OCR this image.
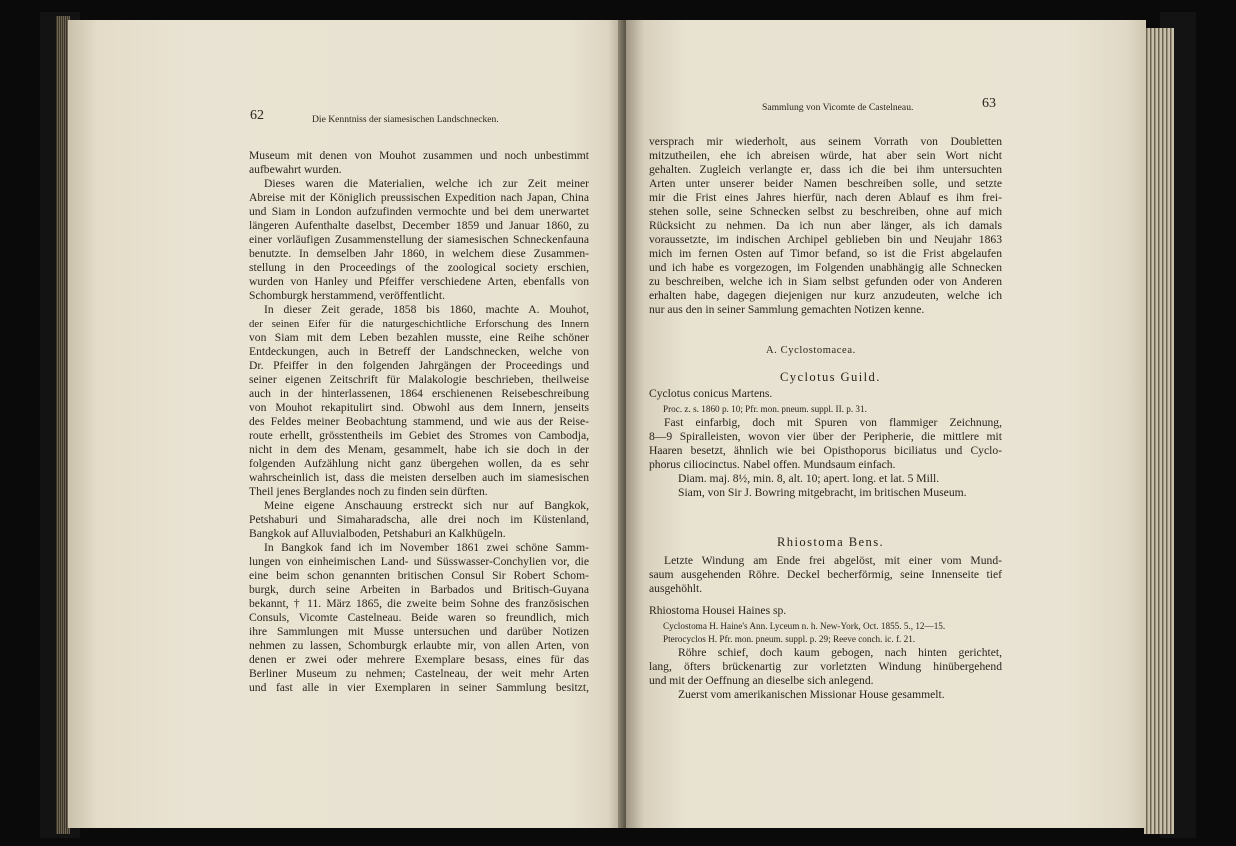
62	Die Kenntniss der siamesischen Landschnecken.
Museum mit denen von Mouhot zusammen und noch unbestimmt
aufbewahrt wurden.
Dieses waren die Materialien, welche ich zur Zeit meiner
Abreise mit der Königlich preussischen Expedition nach Japan, China
und Siam in London aufzufinden vermochte und bei dem unerwartet
längeren Aufenthalte daselbst, December 1859 und Januar 1860, zu
einer vorläufigen Zusammenstellung der siamesischen Schneckenfauna
benutzte. In demselben Jahr 1860, in welchem diese Zusammen-
stellung in den Proceedings of the zoological society erschien,
wurden von Hanley und Pfeiffer verschiedene Arten, ebenfalls von
Schomburgk herstammend, veröffentlicht.
In dieser Zeit gerade, 1858 bis 1860, machte A. Mouhot,
der seinen Eifer für die naturgeschichtliche Erforschung des Innern
von Siam mit dem Leben bezahlen musste, eine Reihe schöner
Entdeckungen, auch in Betreff der Landschnecken, welche von
Dr. Pfeiffer in den folgenden Jahrgängen der Proceedings und
seiner eigenen Zeitschrift für Malakologie beschrieben, theilweise
auch in der hinterlassenen, 1864 erschienenen Reisebeschreibung
von Mouhot rekapitulirt sind. Obwohl aus dem Innern, jenseits
des Feldes meiner Beobachtung stammend, und wie aus der Reise-
route erhellt, grösstentheils im Gebiet des Stromes von Cambodja,
nicht in dem des Menam, gesammelt, habe ich sie doch in der
folgenden Aufzählung nicht ganz übergehen wollen, da es sehr
wahrscheinlich ist, dass die meisten derselben auch im siamesischen
Theil jenes Berglandes noch zu finden sein dürften.
Meine eigene Anschauung erstreckt sich nur auf Bangkok,
Petshaburi und Simaharadscha, alle drei noch im Küstenland,
Bangkok auf Alluvialboden, Petshaburi an Kalkhügeln.
In Bangkok fand ich im November 1861 zwei schöne Samm-
lungen von einheimischen Land- und Süsswasser-Conchylien vor, die
eine beim schon genannten britischen Consul Sir Robert Schom-
burgk, durch seine Arbeiten in Barbados und Britisch-Guyana
bekannt, † 11. März 1865, die zweite beim Sohne des französischen
Consuls, Vicomte Castelneau. Beide waren so freundlich, mich
ihre Sammlungen mit Musse untersuchen und darüber Notizen
nehmen zu lassen, Schomburgk erlaubte mir, von allen Arten, von
denen er zwei oder mehrere Exemplare besass, eines für das
Berliner Museum zu nehmen; Castelneau, der weit mehr Arten
und fast alle in vier Exemplaren in seiner Sammlung besitzt,
Sammlung von Vicomte de Castelneau.	63
versprach mir wiederholt, aus seinem Vorrath von Doubletten
mitzutheilen, ehe ich abreisen würde, hat aber sein Wort nicht
gehalten. Zugleich verlangte er, dass ich die bei ihm untersuchten
Arten unter unserer beider Namen beschreiben solle, und setzte
mir die Frist eines Jahres hierfür, nach deren Ablauf es ihm frei-
stehen solle, seine Schnecken selbst zu beschreiben, ohne auf mich
Rücksicht zu nehmen. Da ich nun aber länger, als ich damals
voraussetzte, im indischen Archipel geblieben bin und Neujahr 1863
mich im fernen Osten auf Timor befand, so ist die Frist abgelaufen
und ich habe es vorgezogen, im Folgenden unabhängig alle Schnecken
zu beschreiben, welche ich in Siam selbst gefunden oder von Anderen
erhalten habe, dagegen diejenigen nur kurz anzudeuten, welche ich
nur aus den in seiner Sammlung gemachten Notizen kenne.
A. Cyclostomacea.
Cyclotus Guild.
Cyclotus conicus Martens.
Proc. z. s. 1860 p. 10; Pfr. mon. pneum. suppl. II. p. 31.
Fast einfarbig, doch mit Spuren von flammiger Zeichnung,
8—9 Spiralleisten, wovon vier über der Peripherie, die mittlere mit
Haaren besetzt, ähnlich wie bei Opisthoporus biciliatus und Cyclo-
phorus ciliocinctus. Nabel offen. Mundsaum einfach.
Diam. maj. 8½, min. 8, alt. 10; apert. long. et lat. 5 Mill.
Siam, von Sir J. Bowring mitgebracht, im britischen Museum.
Rhiostoma Bens.
Letzte Windung am Ende frei abgelöst, mit einer vom Mund-
saum ausgehenden Röhre. Deckel becherförmig, seine Innenseite tief
ausgehöhlt.
Rhiostoma Housei Haines sp.
Cyclostoma H. Haine's Ann. Lyceum n. h. New-York, Oct. 1855. 5., 12—15.
Pterocyclos H. Pfr. mon. pneum. suppl. p. 29; Reeve conch. ic. f. 21.
Röhre schief, doch kaum gebogen, nach hinten gerichtet,
lang, öfters brückenartig zur vorletzten Windung hinübergehend
und mit der Oeffnung an dieselbe sich anlegend.
Zuerst vom amerikanischen Missionar House gesammelt.
